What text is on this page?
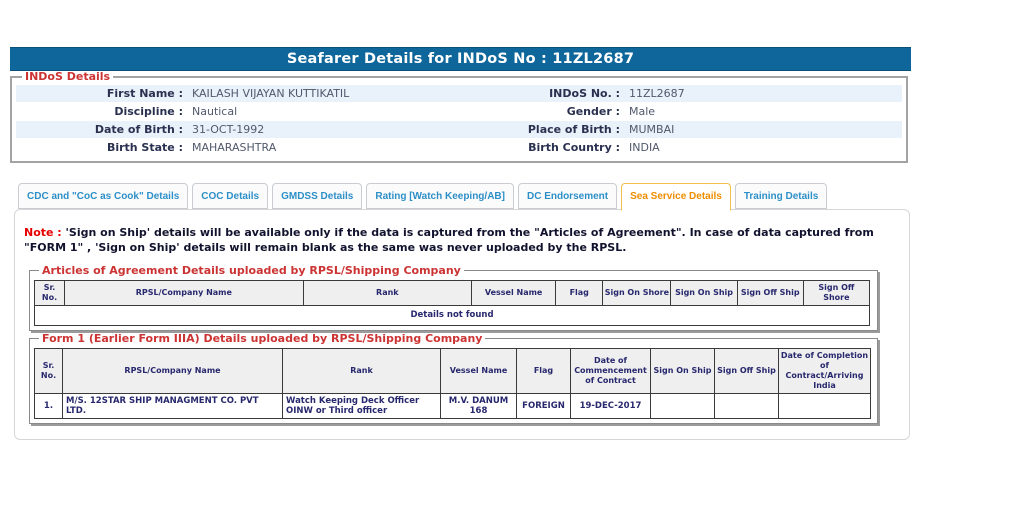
Seafarer Details for INDoS No : 11ZL2687
INDoS Details
First Name : KAILASH VIJAYAN KUTTIKATIL	INDoS No. : 11ZL2687
Discipline : Nautical	Gender : Male
Date of Birth : 31-OCT-1992	Place of Birth : MUMBAI
Birth State : MAHARASHTRA	Birth Country : INDIA
CDC and "CoC as Cook" Details	COC Details	GMDSS Details	Rating [Watch Keeping/AB]	DC Endorsement	Sea Service Details	Training Details
Note : 'Sign on Ship' details will be available only if the data is captured from the "Articles of Agreement". In case of data captured from "FORM 1" , 'Sign on Ship' details will remain blank as the same was never uploaded by the RPSL.
Articles of Agreement Details uploaded by RPSL/Shipping Company
Sr. No.	RPSL/Company Name	Rank	Vessel Name	Flag	Sign On Shore	Sign On Ship	Sign Off Ship	Sign Off Shore
Details not found
Form 1 (Earlier Form IIIA) Details uploaded by RPSL/Shipping Company
Sr. No.	RPSL/Company Name	Rank	Vessel Name	Flag	Date of Commencement of Contract	Sign On Ship	Sign Off Ship	Date of Completion of Contract/Arriving India
1.	M/S. 12STAR SHIP MANAGMENT CO. PVT LTD.	Watch Keeping Deck Officer OINW or Third officer	M.V. DANUM 168	FOREIGN	19-DEC-2017			
